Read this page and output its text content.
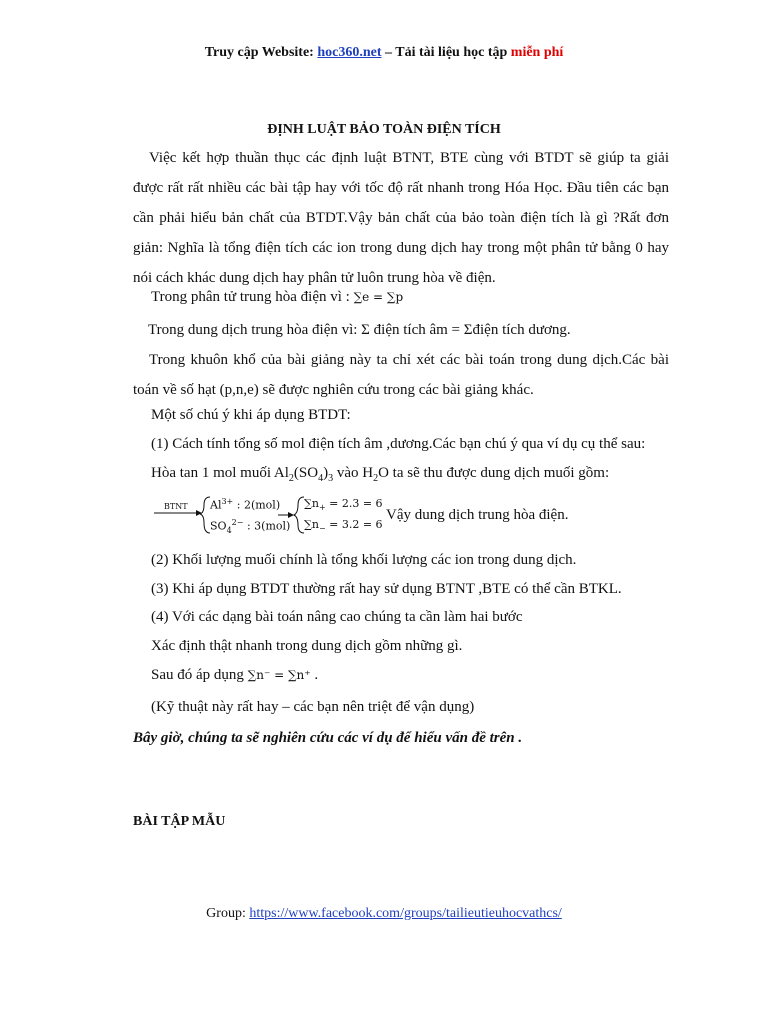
Truy cập Website: hoc360.net – Tải tài liệu học tập miễn phí
ĐỊNH LUẬT BẢO TOÀN ĐIỆN TÍCH

Việc kết hợp thuần thục các định luật BTNT, BTE cùng với BTDT sẽ giúp ta giải được rất rất nhiều các bài tập hay với tốc độ rất nhanh trong Hóa Học. Đầu tiên các bạn cần phải hiểu bản chất của BTDT.Vậy bản chất của bảo toàn điện tích là gì ?Rất đơn giản: Nghĩa là tổng điện tích các ion trong dung dịch hay trong một phân tử bằng 0 hay nói cách khác dung dịch hay phân tử luôn trung hòa về điện.

Trong phân tử trung hòa điện vì : ∑e = ∑p
Trong dung dịch trung hòa điện vì: Σ điện tích âm = Σđiện tích dương.

Trong khuôn khổ của bài giảng này ta chỉ xét các bài toán trong dung dịch.Các bài toán về số hạt (p,n,e) sẽ được nghiên cứu trong các bài giảng khác.

Một số chú ý khi áp dụng BTDT:
(1) Cách tính tổng số mol điện tích âm ,dương.Các bạn chú ý qua ví dụ cụ thể sau:
Hòa tan 1 mol muối $Al_2(SO_4)_3$ vào $H_2O$ ta sẽ thu được dung dịch muối gồm:
BTNT $Al^{3+}$ : 2(mol)
$SO_4^{2-}$ : 3(mol)
$\sum n_+ = 2.3 = 6$
$\sum n_- = 3.2 = 6$
Vậy dung dịch trung hòa điện.
(2) Khối lượng muối chính là tổng khối lượng các ion trong dung dịch.
(3) Khi áp dụng BTDT thường rất hay sử dụng BTNT ,BTE có thể cần BTKL.
(4) Với các dạng bài toán nâng cao chúng ta cần làm hai bước
Xác định thật nhanh trong dung dịch gồm những gì.
Sau đó áp dụng ∑n⁻ = ∑n⁺ .
(Kỹ thuật này rất hay – các bạn nên triệt để vận dụng)
Bây giờ, chúng ta sẽ nghiên cứu các ví dụ để hiểu vấn đề trên .
BÀI TẬP MẪU
Group: https://www.facebook.com/groups/tailieutieuhocvathcs/
